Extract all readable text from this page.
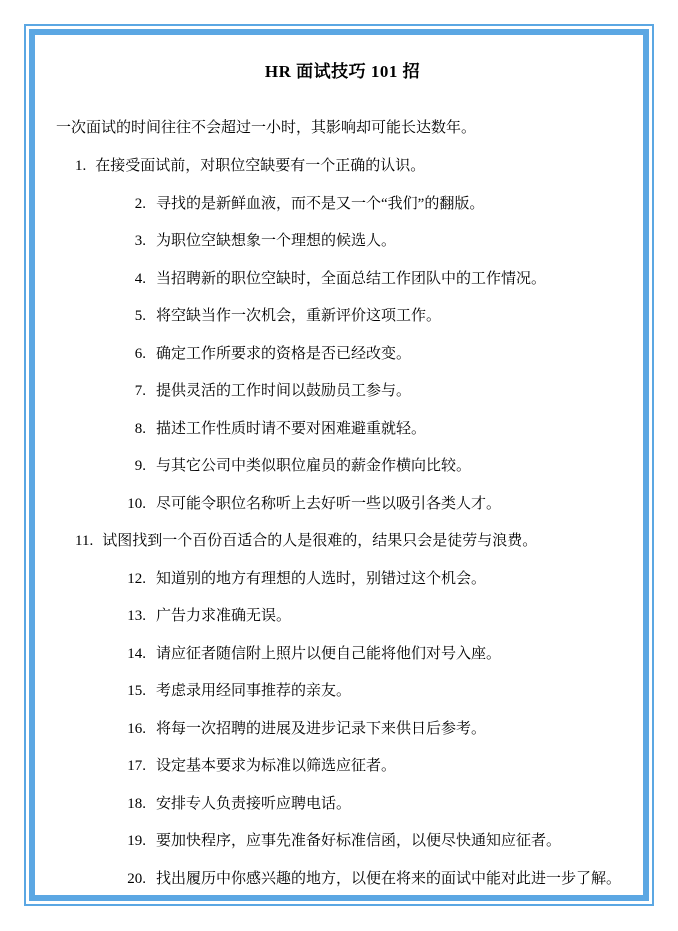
HR 面试技巧 101 招
一次面试的时间往往不会超过一小时，其影响却可能长达数年。
1. 在接受面试前，对职位空缺要有一个正确的认识。
2. 寻找的是新鲜血液，而不是又一个“我们”的翻版。
3. 为职位空缺想象一个理想的候选人。
4. 当招聘新的职位空缺时，全面总结工作团队中的工作情况。
5. 将空缺当作一次机会，重新评价这项工作。
6. 确定工作所要求的资格是否已经改变。
7. 提供灵活的工作时间以鼓励员工参与。
8. 描述工作性质时请不要对困难避重就轻。
9. 与其它公司中类似职位雇员的薪金作横向比较。
10. 尽可能令职位名称听上去好听一些以吸引各类人才。
11. 试图找到一个百份百适合的人是很难的，结果只会是徒劳与浪费。
12. 知道别的地方有理想的人选时，别错过这个机会。
13. 广告力求准确无误。
14. 请应征者随信附上照片以便自己能将他们对号入座。
15. 考虑录用经同事推荐的亲友。
16. 将每一次招聘的进展及进步记录下来供日后参考。
17. 设定基本要求为标准以筛选应征者。
18. 安排专人负责接听应聘电话。
19. 要加快程序，应事先准备好标准信函，以便尽快通知应征者。
20. 找出履历中你感兴趣的地方，以便在将来的面试中能对此进一步了解。
